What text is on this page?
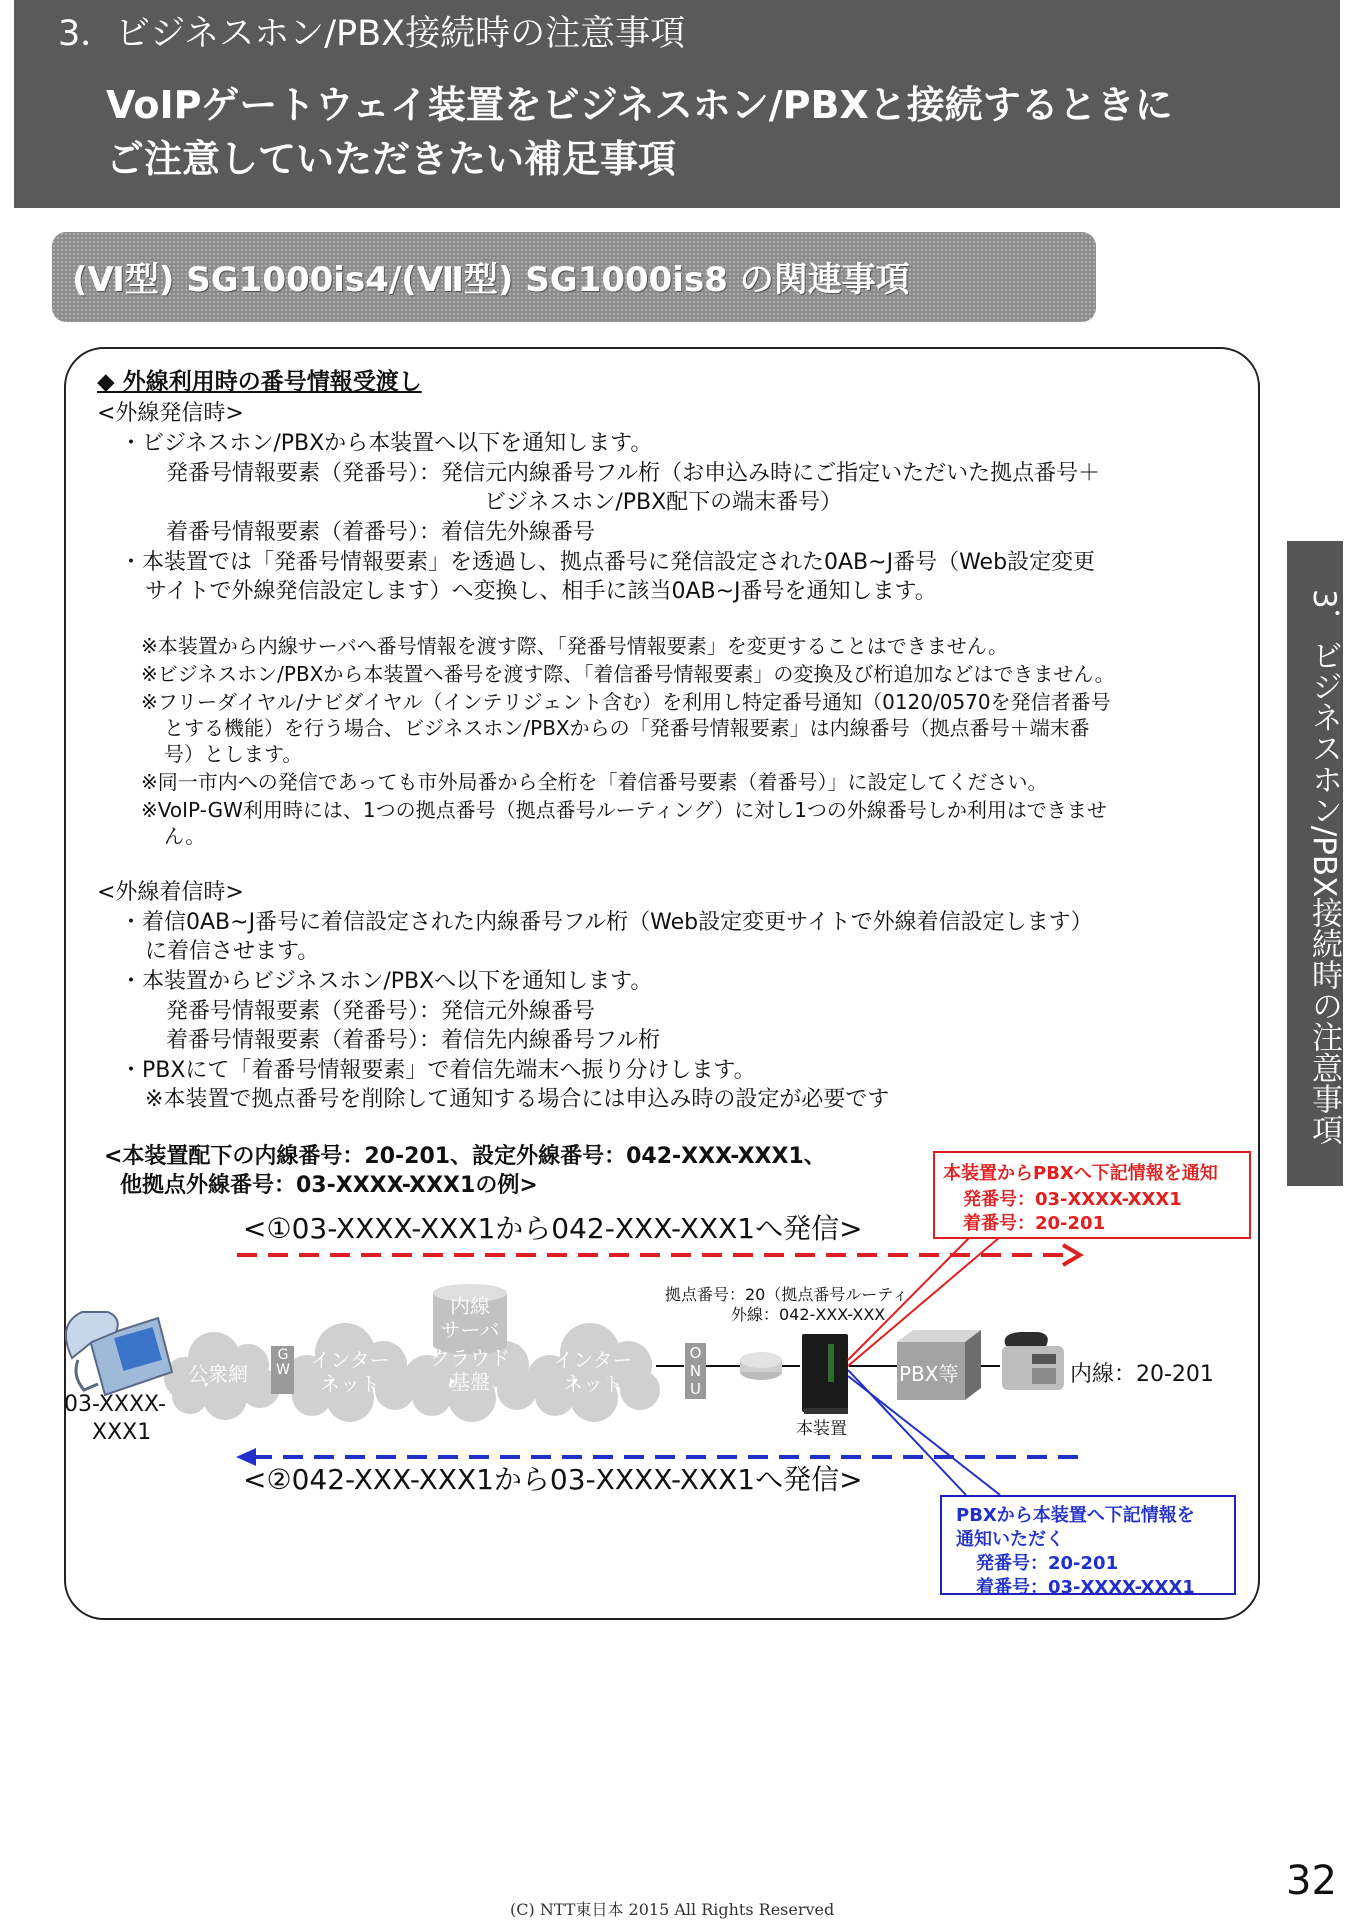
3．ビジネスホン/PBX接続時の注意事項
VoIPゲートウェイ装置をビジネスホン/PBXと接続するときに
ご注意していただきたい補足事項
(Ⅵ型) SG1000is4/(Ⅶ型) SG1000is8 の関連事項
◆ 外線利用時の番号情報受渡し
<外線発信時>
・ビジネスホン/PBXから本装置へ以下を通知します。
発番号情報要素（発番号）：発信元内線番号フル桁（お申込み時にご指定いただいた拠点番号＋
ビジネスホン/PBX配下の端末番号）
着番号情報要素（着番号）：着信先外線番号
・本装置では「発番号情報要素」を透過し、拠点番号に発信設定された0AB~J番号（Web設定変更
サイトで外線発信設定します）へ変換し、相手に該当0AB~J番号を通知します。
※本装置から内線サーバへ番号情報を渡す際、「発番号情報要素」を変更することはできません。
※ビジネスホン/PBXから本装置へ番号を渡す際、「着信番号情報要素」の変換及び桁追加などはできません。
※フリーダイヤル/ナビダイヤル（インテリジェント含む）を利用し特定番号通知（0120/0570を発信者番号
とする機能）を行う場合、ビジネスホン/PBXからの「発番号情報要素」は内線番号（拠点番号＋端末番
号）とします。
※同一市内への発信であっても市外局番から全桁を「着信番号要素（着番号）」に設定してください。
※VoIP-GW利用時には、1つの拠点番号（拠点番号ルーティング）に対し1つの外線番号しか利用はできませ
ん。
<外線着信時>
・着信0AB~J番号に着信設定された内線番号フル桁（Web設定変更サイトで外線着信設定します）
に着信させます。
・本装置からビジネスホン/PBXへ以下を通知します。
発番号情報要素（発番号）：発信元外線番号
着番号情報要素（着番号）：着信先内線番号フル桁
・PBXにて「着番号情報要素」で着信先端末へ振り分けします。
※本装置で拠点番号を削除して通知する場合には申込み時の設定が必要です
<本装置配下の内線番号：20-201、設定外線番号：042-XXX-XXX1、
他拠点外線番号：03-XXXX-XXX1の例>
<①03-XXXX-XXX1から042-XXX-XXX1へ発信>
<②042-XXX-XXX1から03-XXXX-XXX1へ発信>
拠点番号：20（拠点番号ルーティ
外線：042-XXX-XXX
公衆網
GW インター
ネット
内線
サーバ
クラウド
基盤
インター
ネット
ONU
本装置
PBX等	内線：20-201
03-XXXX-
XXX1
本装置からPBXへ下記情報を通知
発番号：03-XXXX-XXX1
着番号：20-201
PBXから本装置へ下記情報を
通知いただく
発番号：20-201
着番号：03-XXXX-XXX1
3．ビジネスホン/PBX接続時の注意事項
(C) NTT東日本 2015 All Rights Reserved
32
